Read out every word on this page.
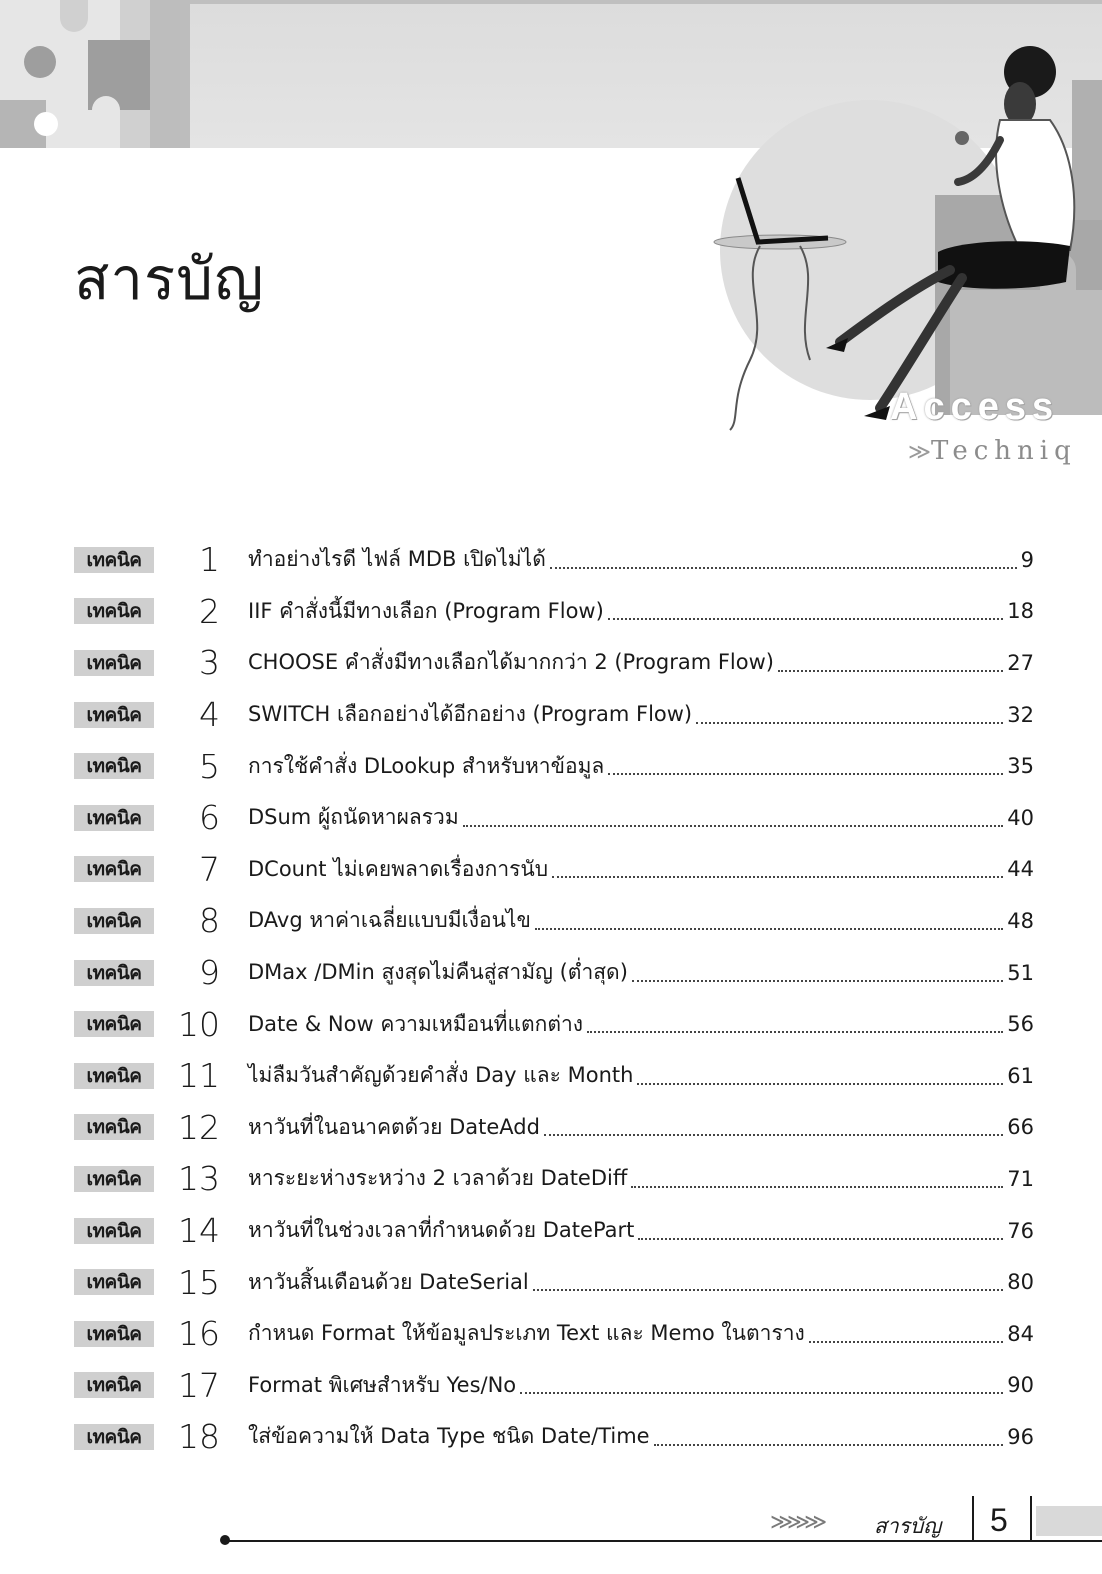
สารบัญ
Access
≫Techniq
เทคนิค	1 ทำอย่างไรดี ไฟล์ MDB เปิดไม่ได้	9
เทคนิค	2 IIF คำสั่งนี้มีทางเลือก (Program Flow)	18
เทคนิค	3 CHOOSE คำสั่งมีทางเลือกได้มากกว่า 2 (Program Flow)	27
เทคนิค	4 SWITCH เลือกอย่างได้อีกอย่าง (Program Flow)	32
เทคนิค	5 การใช้คำสั่ง DLookup สำหรับหาข้อมูล	35
เทคนิค	6 DSum ผู้ถนัดหาผลรวม	40
เทคนิค	7 DCount ไม่เคยพลาดเรื่องการนับ	44
เทคนิค	8 DAvg หาค่าเฉลี่ยแบบมีเงื่อนไข	48
เทคนิค	9 DMax /DMin สูงสุดไม่คืนสู่สามัญ (ต่ำสุด)	51
เทคนิค	10 Date & Now ความเหมือนที่แตกต่าง	56
เทคนิค	11 ไม่ลืมวันสำคัญด้วยคำสั่ง Day และ Month	61
เทคนิค	12 หาวันที่ในอนาคตด้วย DateAdd	66
เทคนิค	13 หาระยะห่างระหว่าง 2 เวลาด้วย DateDiff	71
เทคนิค	14 หาวันที่ในช่วงเวลาที่กำหนดด้วย DatePart	76
เทคนิค	15 หาวันสิ้นเดือนด้วย DateSerial	80
เทคนิค	16 กำหนด Format ให้ข้อมูลประเภท Text และ Memo ในตาราง	84
เทคนิค	17 Format พิเศษสำหรับ Yes/No	90
เทคนิค	18 ใส่ข้อความให้ Data Type ชนิด Date/Time	96
≫≫≫	สารบัญ 5
